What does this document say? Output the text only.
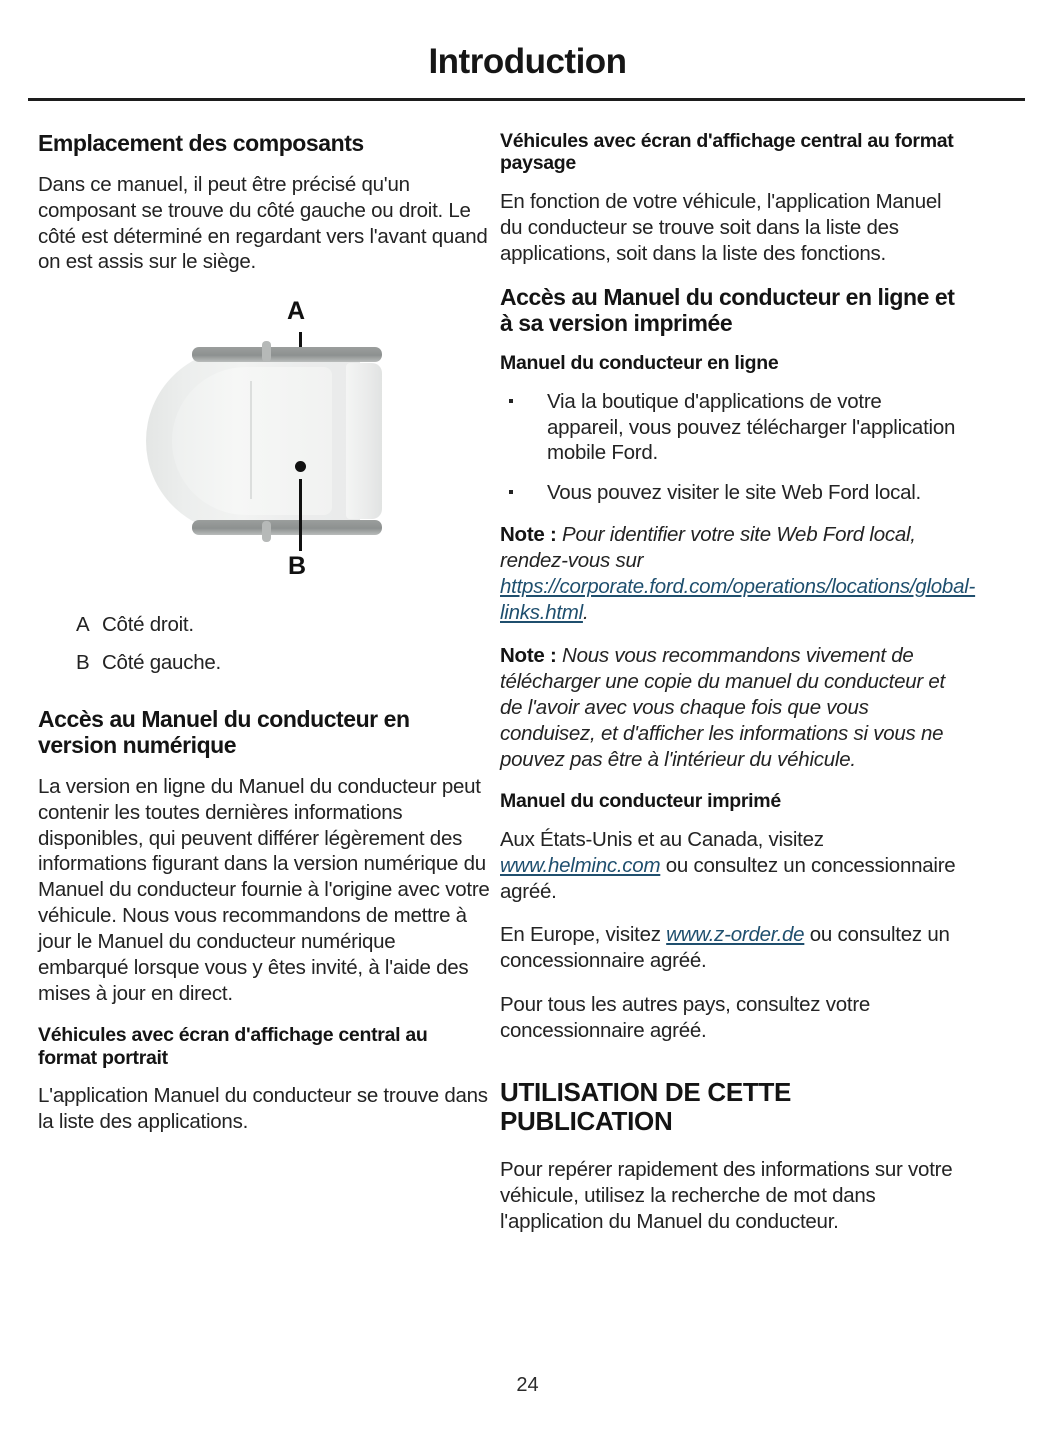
Introduction
Emplacement des composants

Dans ce manuel, il peut être précisé qu'un composant se trouve du côté gauche ou droit. Le côté est déterminé en regardant vers l'avant quand on est assis sur le siège.

A
B
A Côté droit.
B Côté gauche.
Accès au Manuel du conducteur en version numérique

La version en ligne du Manuel du conducteur peut contenir les toutes dernières informations disponibles, qui peuvent différer légèrement des informations figurant dans la version numérique du Manuel du conducteur fournie à l'origine avec votre véhicule. Nous vous recommandons de mettre à jour le Manuel du conducteur numérique embarqué lorsque vous y êtes invité, à l'aide des mises à jour en direct.

Véhicules avec écran d'affichage central au format portrait

L'application Manuel du conducteur se trouve dans la liste des applications.

Véhicules avec écran d'affichage central au format paysage

En fonction de votre véhicule, l'application Manuel du conducteur se trouve soit dans la liste des applications, soit dans la liste des fonctions.

Accès au Manuel du conducteur en ligne et à sa version imprimée
Manuel du conducteur en ligne
Via la boutique d'applications de votre appareil, vous pouvez télécharger l'application mobile Ford.
Vous pouvez visiter le site Web Ford local.

Note : Pour identifier votre site Web Ford local, rendez-vous sur https://corporate.ford.com/operations/locations/global-links.html.

Note : Nous vous recommandons vivement de télécharger une copie du manuel du conducteur et de l'avoir avec vous chaque fois que vous conduisez, et d'afficher les informations si vous ne pouvez pas être à l'intérieur du véhicule.

Manuel du conducteur imprimé

Aux États-Unis et au Canada, visitez www.helminc.com ou consultez un concessionnaire agréé.

En Europe, visitez www.z-order.de ou consultez un concessionnaire agréé.

Pour tous les autres pays, consultez votre concessionnaire agréé.

UTILISATION DE CETTE PUBLICATION

Pour repérer rapidement des informations sur votre véhicule, utilisez la recherche de mot dans l'application du Manuel du conducteur.

24
